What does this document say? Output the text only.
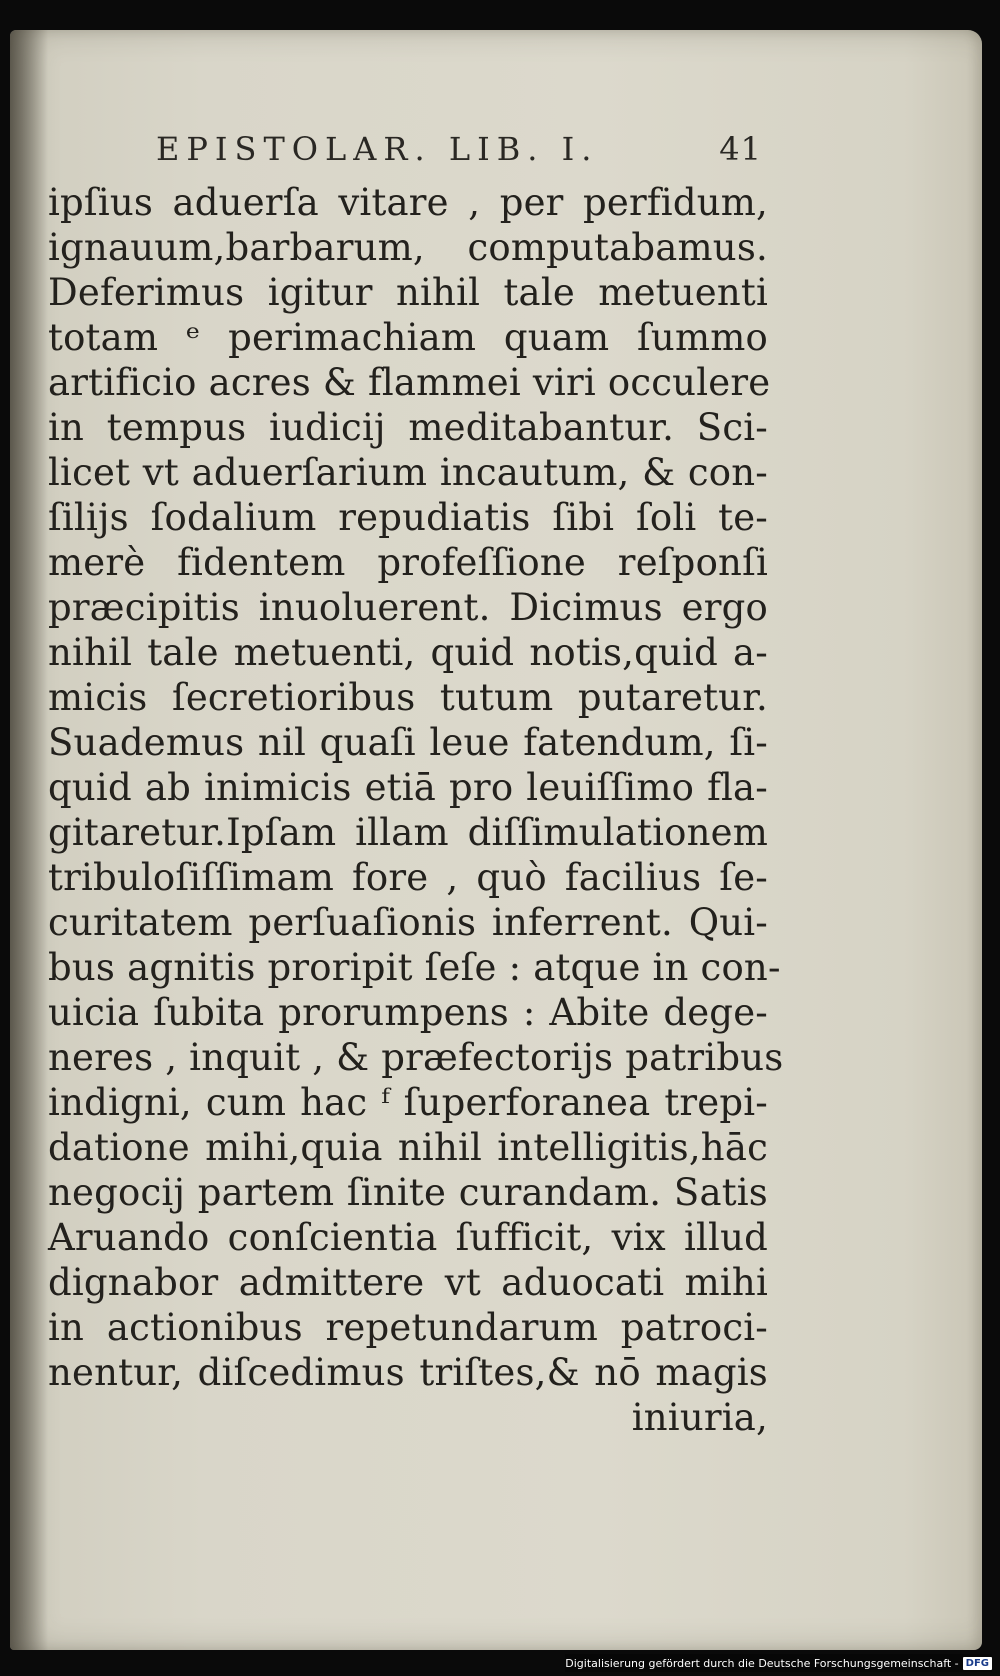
EPISTOLAR. LIB. I.	41
ipſius aduerſa vitare , per perfidum,
ignauum,barbarum, computabamus.
Deferimus igitur nihil tale metuenti
totam ᵉ perimachiam quam ſummo
artificio acres & flammei viri occulere
in tempus iudicij meditabantur. Sci-
licet vt aduerſarium incautum, & con-
ſilijs ſodalium repudiatis ſibi ſoli te-
merè fidentem profeſſione reſponſi
præcipitis inuoluerent. Dicimus ergo
nihil tale metuenti, quid notis,quid a-
micis ſecretioribus tutum putaretur.
Suademus nil quaſi leue fatendum, ſi-
quid ab inimicis etiā pro leuiſſimo fla-
gitaretur.Ipſam illam diſſimulationem
tribuloſiſſimam fore , quò facilius ſe-
curitatem perſuaſionis inferrent. Qui-
bus agnitis proripit ſeſe : atque in con-
uicia ſubita prorumpens : Abite dege-
neres , inquit , & præfectorijs patribus
indigni, cum hac ᶠ ſuperforanea trepi-
datione mihi,quia nihil intelligitis,hāc
negocij partem ſinite curandam. Satis
Aruando conſcientia ſufficit, vix illud
dignabor admittere vt aduocati mihi
in actionibus repetundarum patroci-
nentur, diſcedimus triſtes,& nō magis
iniuria,
Digitalisierung gefördert durch die Deutsche Forschungsgemeinschaft - DFG
